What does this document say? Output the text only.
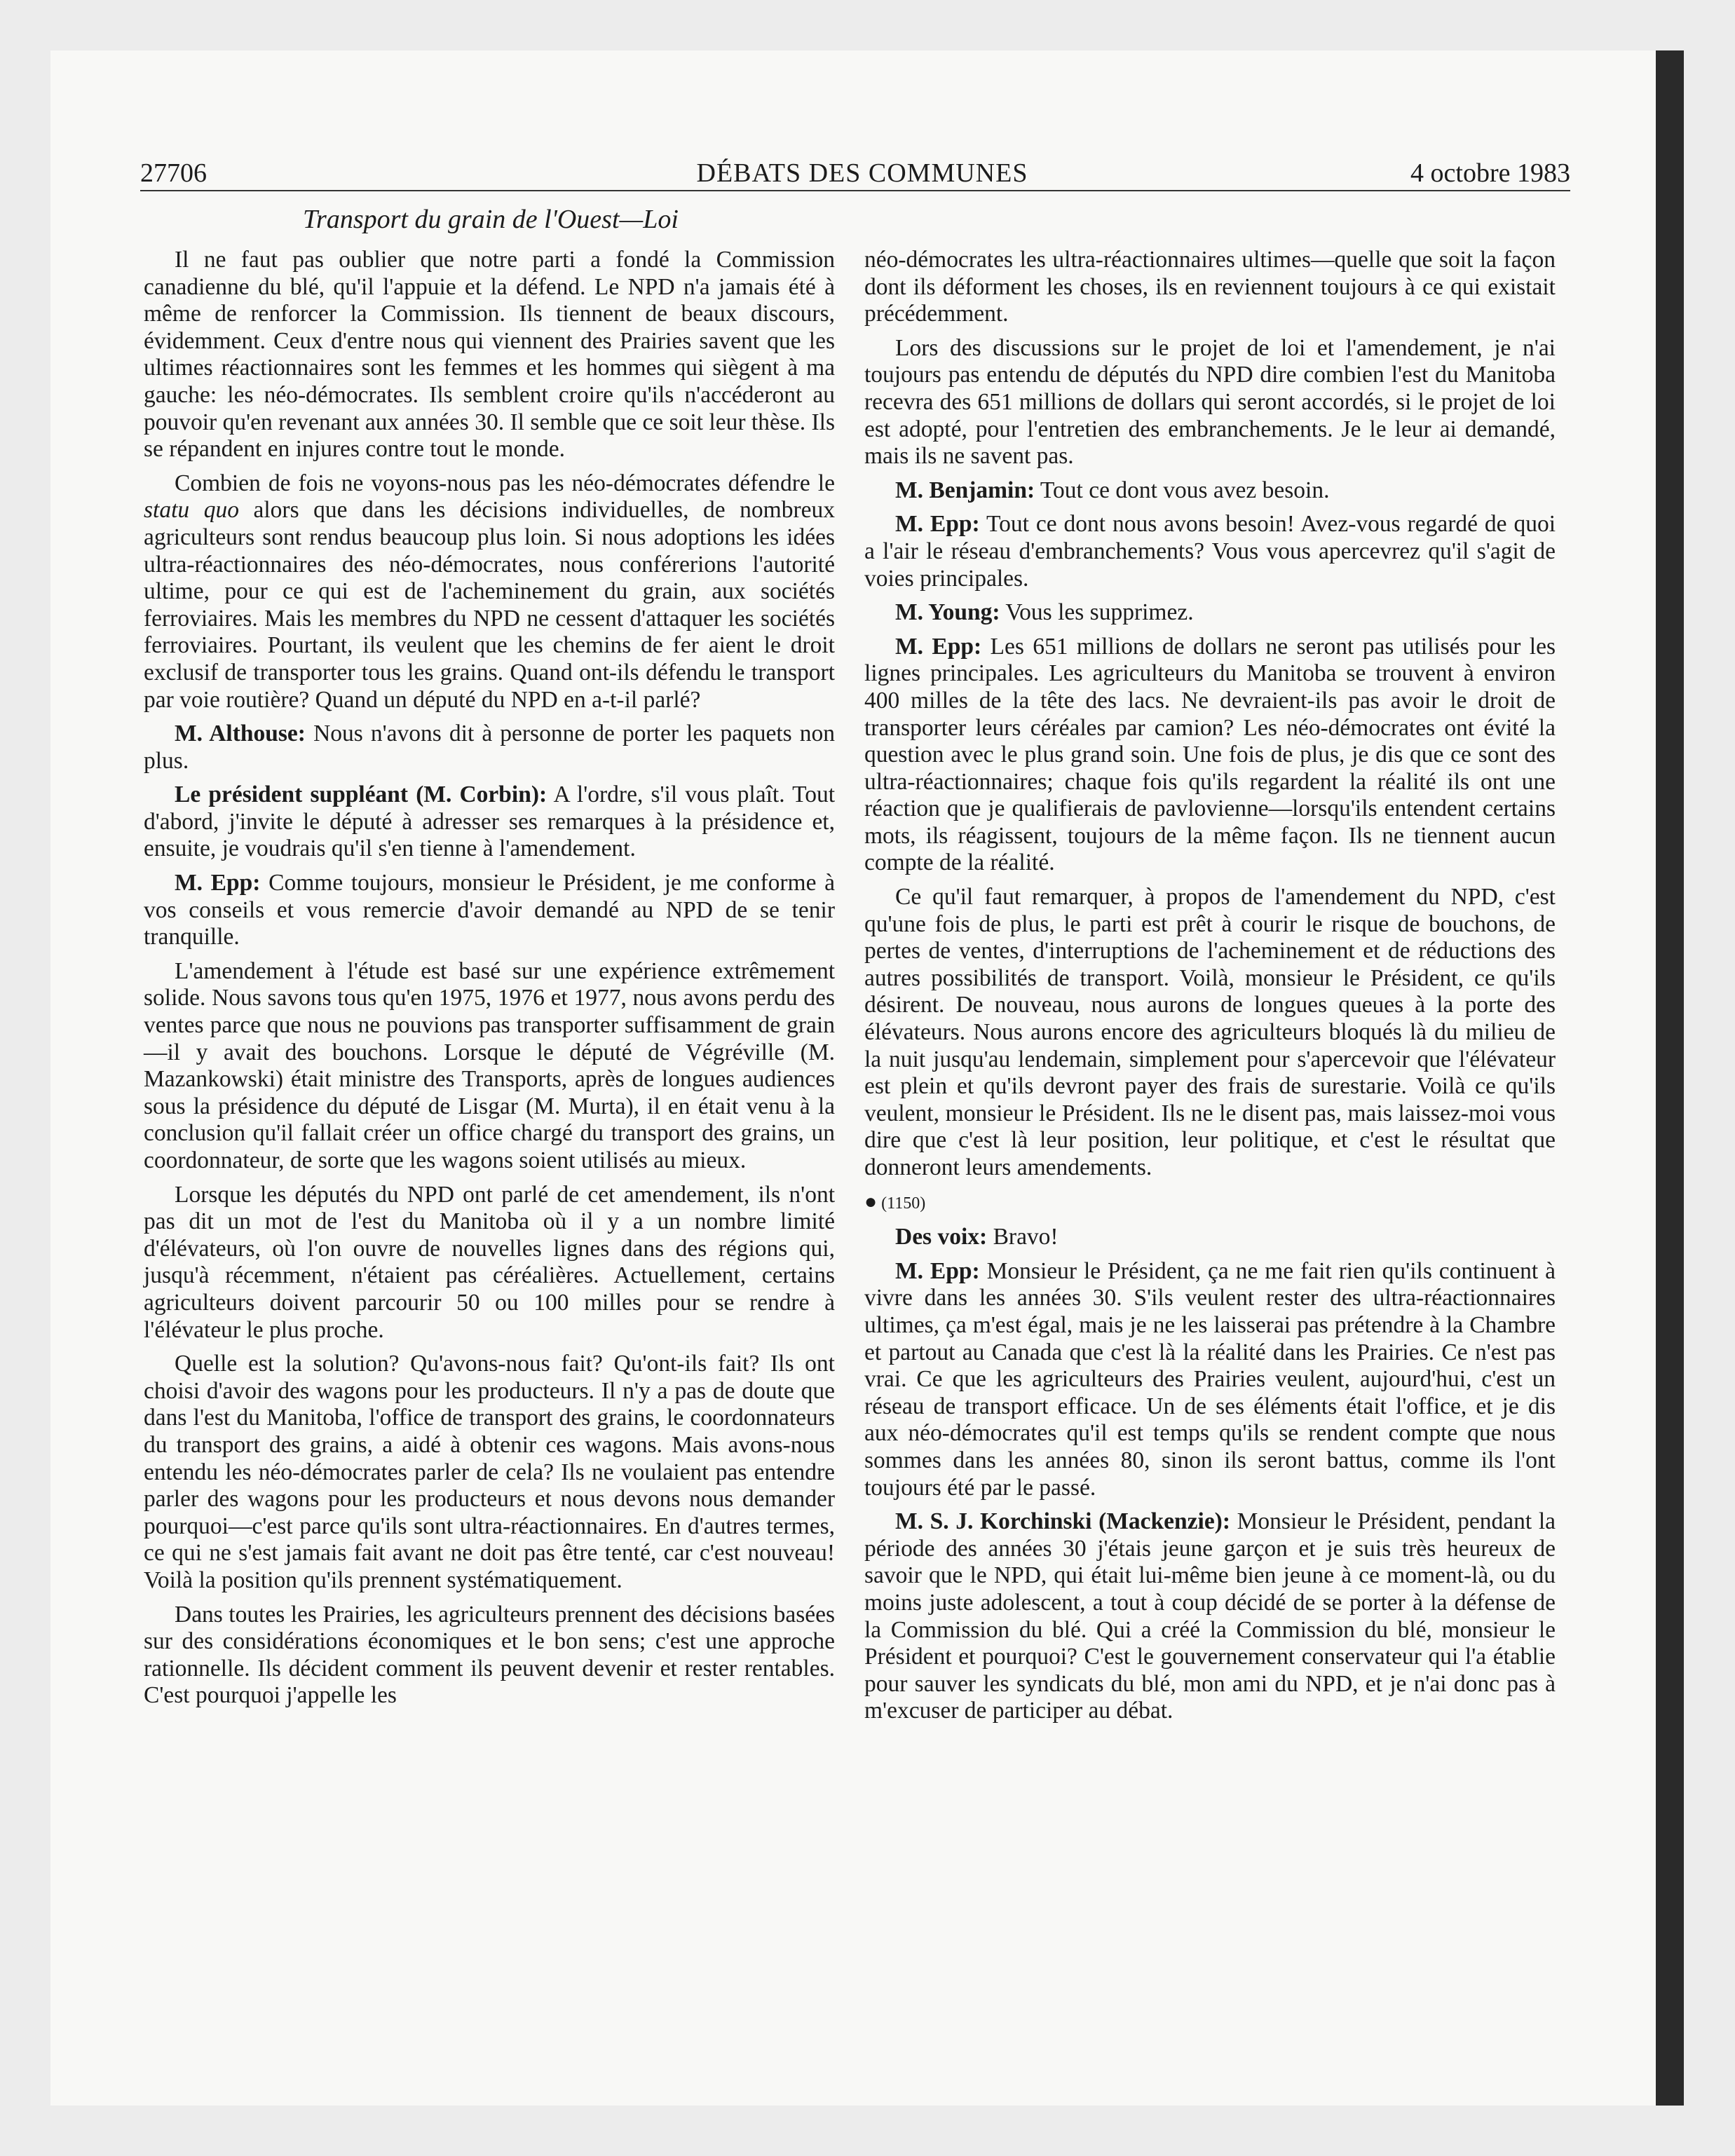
27706	DÉBATS DES COMMUNES	4 octobre 1983
Transport du grain de l'Ouest—Loi

Il ne faut pas oublier que notre parti a fondé la Commission canadienne du blé, qu'il l'appuie et la défend. Le NPD n'a jamais été à même de renforcer la Commission. Ils tiennent de beaux discours, évidemment. Ceux d'entre nous qui viennent des Prairies savent que les ultimes réactionnaires sont les femmes et les hommes qui siègent à ma gauche: les néo-démocrates. Ils semblent croire qu'ils n'accéderont au pouvoir qu'en revenant aux années 30. Il semble que ce soit leur thèse. Ils se répandent en injures contre tout le monde.

Combien de fois ne voyons-nous pas les néo-démocrates défendre le statu quo alors que dans les décisions individuelles, de nombreux agriculteurs sont rendus beaucoup plus loin. Si nous adoptions les idées ultra-réactionnaires des néo-démocrates, nous conférerions l'autorité ultime, pour ce qui est de l'acheminement du grain, aux sociétés ferroviaires. Mais les membres du NPD ne cessent d'attaquer les sociétés ferroviaires. Pourtant, ils veulent que les chemins de fer aient le droit exclusif de transporter tous les grains. Quand ont-ils défendu le transport par voie routière? Quand un député du NPD en a-t-il parlé?

M. Althouse: Nous n'avons dit à personne de porter les paquets non plus.

Le président suppléant (M. Corbin): A l'ordre, s'il vous plaît. Tout d'abord, j'invite le député à adresser ses remarques à la présidence et, ensuite, je voudrais qu'il s'en tienne à l'amendement.

M. Epp: Comme toujours, monsieur le Président, je me conforme à vos conseils et vous remercie d'avoir demandé au NPD de se tenir tranquille.

L'amendement à l'étude est basé sur une expérience extrêmement solide. Nous savons tous qu'en 1975, 1976 et 1977, nous avons perdu des ventes parce que nous ne pouvions pas transporter suffisamment de grain—il y avait des bouchons. Lorsque le député de Végréville (M. Mazankowski) était ministre des Transports, après de longues audiences sous la présidence du député de Lisgar (M. Murta), il en était venu à la conclusion qu'il fallait créer un office chargé du transport des grains, un coordonnateur, de sorte que les wagons soient utilisés au mieux.

Lorsque les députés du NPD ont parlé de cet amendement, ils n'ont pas dit un mot de l'est du Manitoba où il y a un nombre limité d'élévateurs, où l'on ouvre de nouvelles lignes dans des régions qui, jusqu'à récemment, n'étaient pas céréalières. Actuellement, certains agriculteurs doivent parcourir 50 ou 100 milles pour se rendre à l'élévateur le plus proche.

Quelle est la solution? Qu'avons-nous fait? Qu'ont-ils fait? Ils ont choisi d'avoir des wagons pour les producteurs. Il n'y a pas de doute que dans l'est du Manitoba, l'office de transport des grains, le coordonnateurs du transport des grains, a aidé à obtenir ces wagons. Mais avons-nous entendu les néo-démocrates parler de cela? Ils ne voulaient pas entendre parler des wagons pour les producteurs et nous devons nous demander pourquoi—c'est parce qu'ils sont ultra-réactionnaires. En d'autres termes, ce qui ne s'est jamais fait avant ne doit pas être tenté, car c'est nouveau! Voilà la position qu'ils prennent systématiquement.

Dans toutes les Prairies, les agriculteurs prennent des décisions basées sur des considérations économiques et le bon sens; c'est une approche rationnelle. Ils décident comment ils peuvent devenir et rester rentables. C'est pourquoi j'appelle les

néo-démocrates les ultra-réactionnaires ultimes—quelle que soit la façon dont ils déforment les choses, ils en reviennent toujours à ce qui existait précédemment.

Lors des discussions sur le projet de loi et l'amendement, je n'ai toujours pas entendu de députés du NPD dire combien l'est du Manitoba recevra des 651 millions de dollars qui seront accordés, si le projet de loi est adopté, pour l'entretien des embranchements. Je le leur ai demandé, mais ils ne savent pas.

M. Benjamin: Tout ce dont vous avez besoin.

M. Epp: Tout ce dont nous avons besoin! Avez-vous regardé de quoi a l'air le réseau d'embranchements? Vous vous apercevrez qu'il s'agit de voies principales.

M. Young: Vous les supprimez.

M. Epp: Les 651 millions de dollars ne seront pas utilisés pour les lignes principales. Les agriculteurs du Manitoba se trouvent à environ 400 milles de la tête des lacs. Ne devraient-ils pas avoir le droit de transporter leurs céréales par camion? Les néo-démocrates ont évité la question avec le plus grand soin. Une fois de plus, je dis que ce sont des ultra-réactionnaires; chaque fois qu'ils regardent la réalité ils ont une réaction que je qualifierais de pavlovienne—lorsqu'ils entendent certains mots, ils réagissent, toujours de la même façon. Ils ne tiennent aucun compte de la réalité.

Ce qu'il faut remarquer, à propos de l'amendement du NPD, c'est qu'une fois de plus, le parti est prêt à courir le risque de bouchons, de pertes de ventes, d'interruptions de l'acheminement et de réductions des autres possibilités de transport. Voilà, monsieur le Président, ce qu'ils désirent. De nouveau, nous aurons de longues queues à la porte des élévateurs. Nous aurons encore des agriculteurs bloqués là du milieu de la nuit jusqu'au lendemain, simplement pour s'apercevoir que l'élévateur est plein et qu'ils devront payer des frais de surestarie. Voilà ce qu'ils veulent, monsieur le Président. Ils ne le disent pas, mais laissez-moi vous dire que c'est là leur position, leur politique, et c'est le résultat que donneront leurs amendements.

● (1150)

Des voix: Bravo!

M. Epp: Monsieur le Président, ça ne me fait rien qu'ils continuent à vivre dans les années 30. S'ils veulent rester des ultra-réactionnaires ultimes, ça m'est égal, mais je ne les laisserai pas prétendre à la Chambre et partout au Canada que c'est là la réalité dans les Prairies. Ce n'est pas vrai. Ce que les agriculteurs des Prairies veulent, aujourd'hui, c'est un réseau de transport efficace. Un de ses éléments était l'office, et je dis aux néo-démocrates qu'il est temps qu'ils se rendent compte que nous sommes dans les années 80, sinon ils seront battus, comme ils l'ont toujours été par le passé.

M. S. J. Korchinski (Mackenzie): Monsieur le Président, pendant la période des années 30 j'étais jeune garçon et je suis très heureux de savoir que le NPD, qui était lui-même bien jeune à ce moment-là, ou du moins juste adolescent, a tout à coup décidé de se porter à la défense de la Commission du blé. Qui a créé la Commission du blé, monsieur le Président et pourquoi? C'est le gouvernement conservateur qui l'a établie pour sauver les syndicats du blé, mon ami du NPD, et je n'ai donc pas à m'excuser de participer au débat.
